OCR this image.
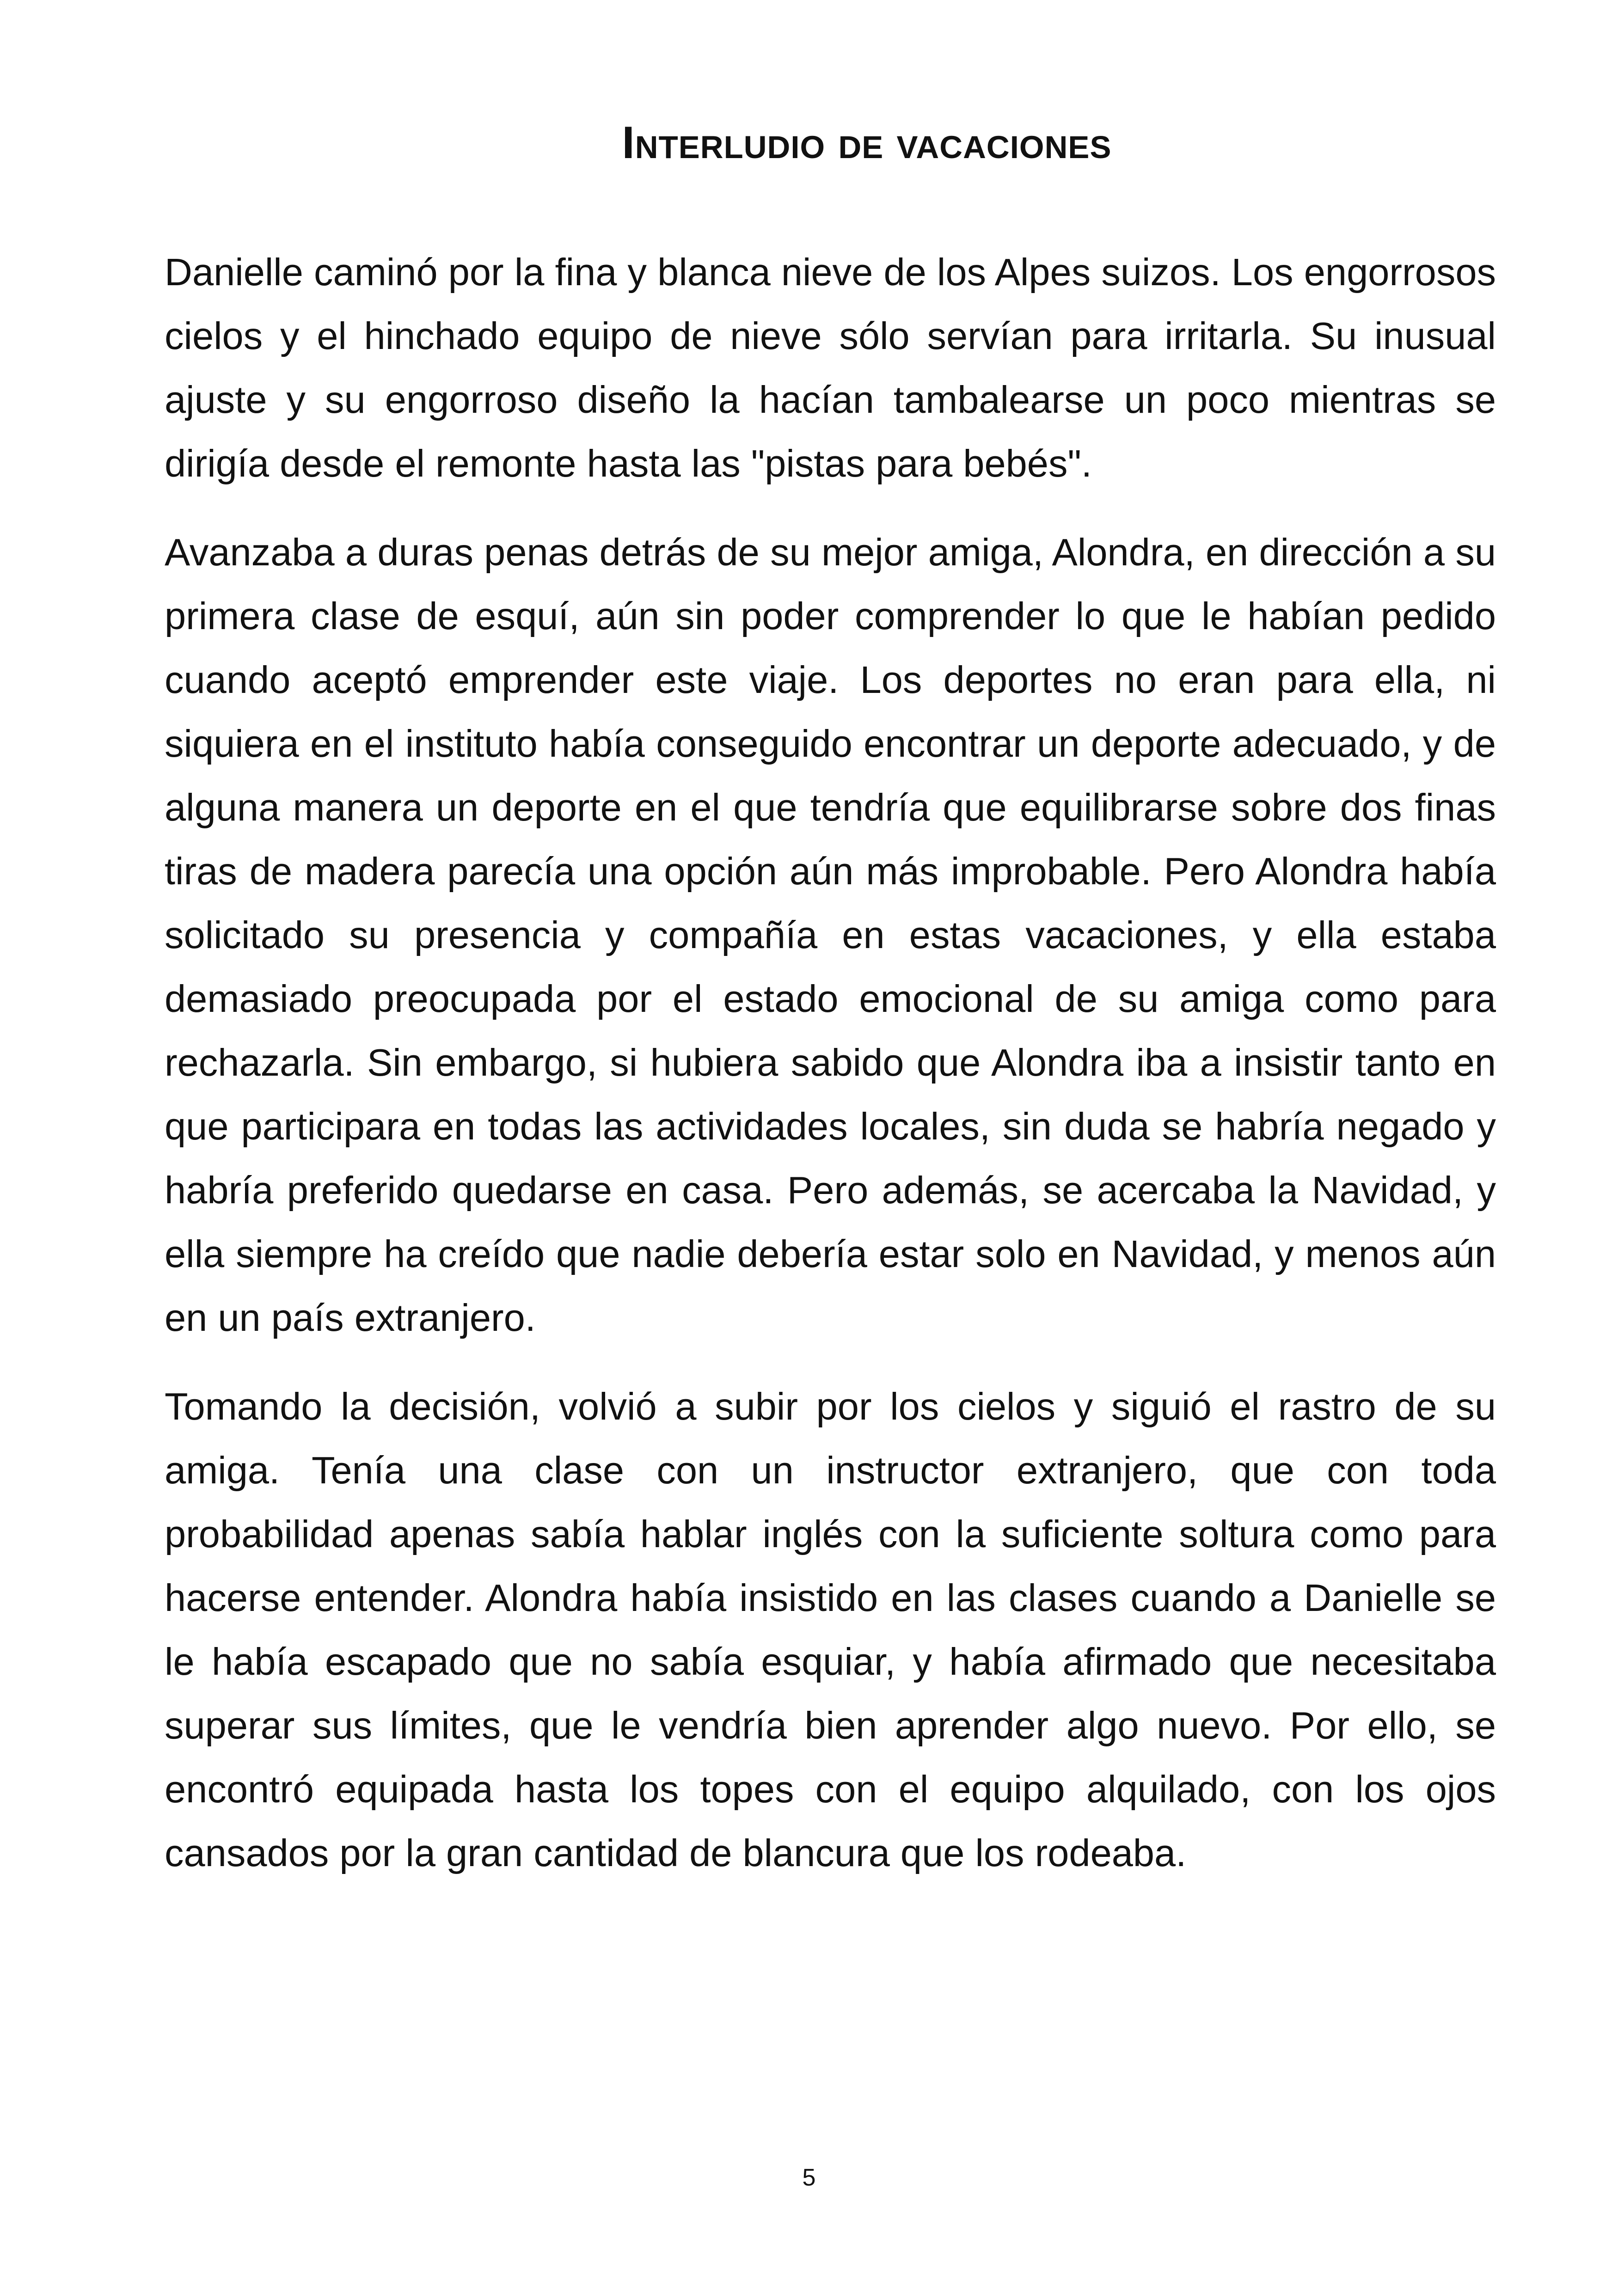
Interludio de vacaciones

Danielle caminó por la fina y blanca nieve de los Alpes suizos. Los engorrosos cielos y el hinchado equipo de nieve sólo servían para irritarla. Su inusual ajuste y su engorroso diseño la hacían tambalearse un poco mientras se dirigía desde el remonte hasta las "pistas para bebés".

Avanzaba a duras penas detrás de su mejor amiga, Alondra, en dirección a su primera clase de esquí, aún sin poder comprender lo que le habían pedido cuando aceptó emprender este viaje. Los deportes no eran para ella, ni siquiera en el instituto había conseguido encontrar un deporte adecuado, y de alguna manera un deporte en el que tendría que equilibrarse sobre dos finas tiras de madera parecía una opción aún más improbable. Pero Alondra había solicitado su presencia y compañía en estas vacaciones, y ella estaba demasiado preocupada por el estado emocional de su amiga como para rechazarla. Sin embargo, si hubiera sabido que Alondra iba a insistir tanto en que participara en todas las actividades locales, sin duda se habría negado y habría preferido quedarse en casa. Pero además, se acercaba la Navidad, y ella siempre ha creído que nadie debería estar solo en Navidad, y menos aún en un país extranjero.

Tomando la decisión, volvió a subir por los cielos y siguió el rastro de su amiga. Tenía una clase con un instructor extranjero, que con toda probabilidad apenas sabía hablar inglés con la suficiente soltura como para hacerse entender. Alondra había insistido en las clases cuando a Danielle se le había escapado que no sabía esquiar, y había afirmado que necesitaba superar sus límites, que le vendría bien aprender algo nuevo. Por ello, se encontró equipada hasta los topes con el equipo alquilado, con los ojos cansados por la gran cantidad de blancura que los rodeaba.

5
